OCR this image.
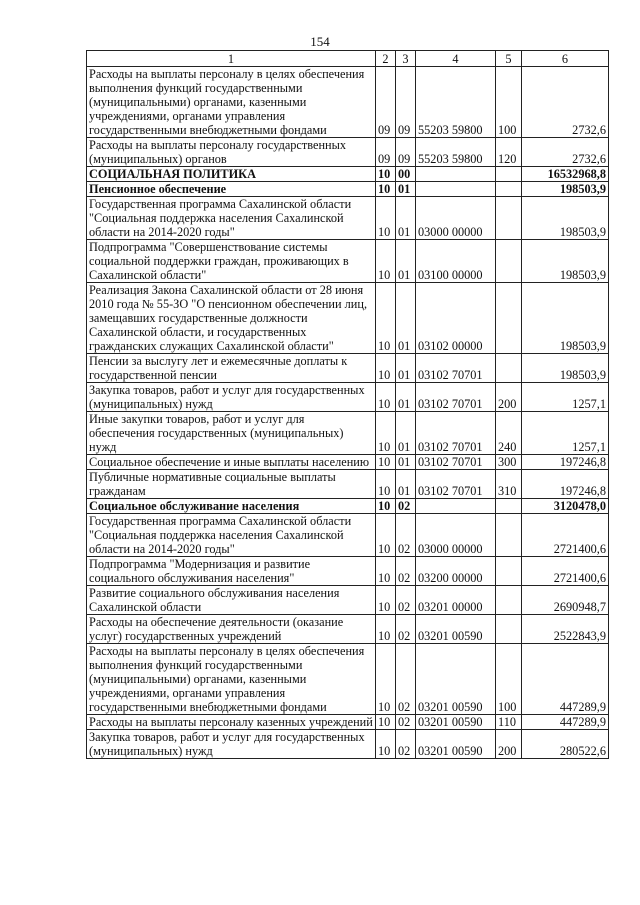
154
1	2	3	4	5	6
Расходы на выплаты персоналу в целях обеспечения выполнения функций государственными (муниципальными) органами, казенными учреждениями, органами управления государственными внебюджетными фондами	09	09	55203 59800	100	2732,6
Расходы на выплаты персоналу государственных (муниципальных) органов	09	09	55203 59800	120	2732,6
СОЦИАЛЬНАЯ ПОЛИТИКА	10	00			16532968,8
Пенсионное обеспечение	10	01			198503,9
Государственная программа Сахалинской области "Социальная поддержка населения Сахалинской области на 2014-2020 годы"	10	01	03000 00000		198503,9
Подпрограмма "Совершенствование системы социальной поддержки граждан, проживающих в Сахалинской области"	10	01	03100 00000		198503,9
Реализация Закона Сахалинской области от 28 июня 2010 года № 55-ЗО "О пенсионном обеспечении лиц, замещавших государственные должности Сахалинской области, и государственных гражданских служащих Сахалинской области"	10	01	03102 00000		198503,9
Пенсии за выслугу лет и ежемесячные доплаты к государственной пенсии	10	01	03102 70701		198503,9
Закупка товаров, работ и услуг для государственных (муниципальных) нужд	10	01	03102 70701	200	1257,1
Иные закупки товаров, работ и услуг для обеспечения государственных (муниципальных) нужд	10	01	03102 70701	240	1257,1
Социальное обеспечение и иные выплаты населению	10	01	03102 70701	300	197246,8
Публичные нормативные социальные выплаты гражданам	10	01	03102 70701	310	197246,8
Социальное обслуживание населения	10	02			3120478,0
Государственная программа Сахалинской области "Социальная поддержка населения Сахалинской области на 2014-2020 годы"	10	02	03000 00000		2721400,6
Подпрограмма "Модернизация и развитие социального обслуживания населения"	10	02	03200 00000		2721400,6
Развитие социального обслуживания населения Сахалинской области	10	02	03201 00000		2690948,7
Расходы на обеспечение деятельности (оказание услуг) государственных учреждений	10	02	03201 00590		2522843,9
Расходы на выплаты персоналу в целях обеспечения выполнения функций государственными (муниципальными) органами, казенными учреждениями, органами управления государственными внебюджетными фондами	10	02	03201 00590	100	447289,9
Расходы на выплаты персоналу казенных учреждений	10	02	03201 00590	110	447289,9
Закупка товаров, работ и услуг для государственных (муниципальных) нужд	10	02	03201 00590	200	280522,6
